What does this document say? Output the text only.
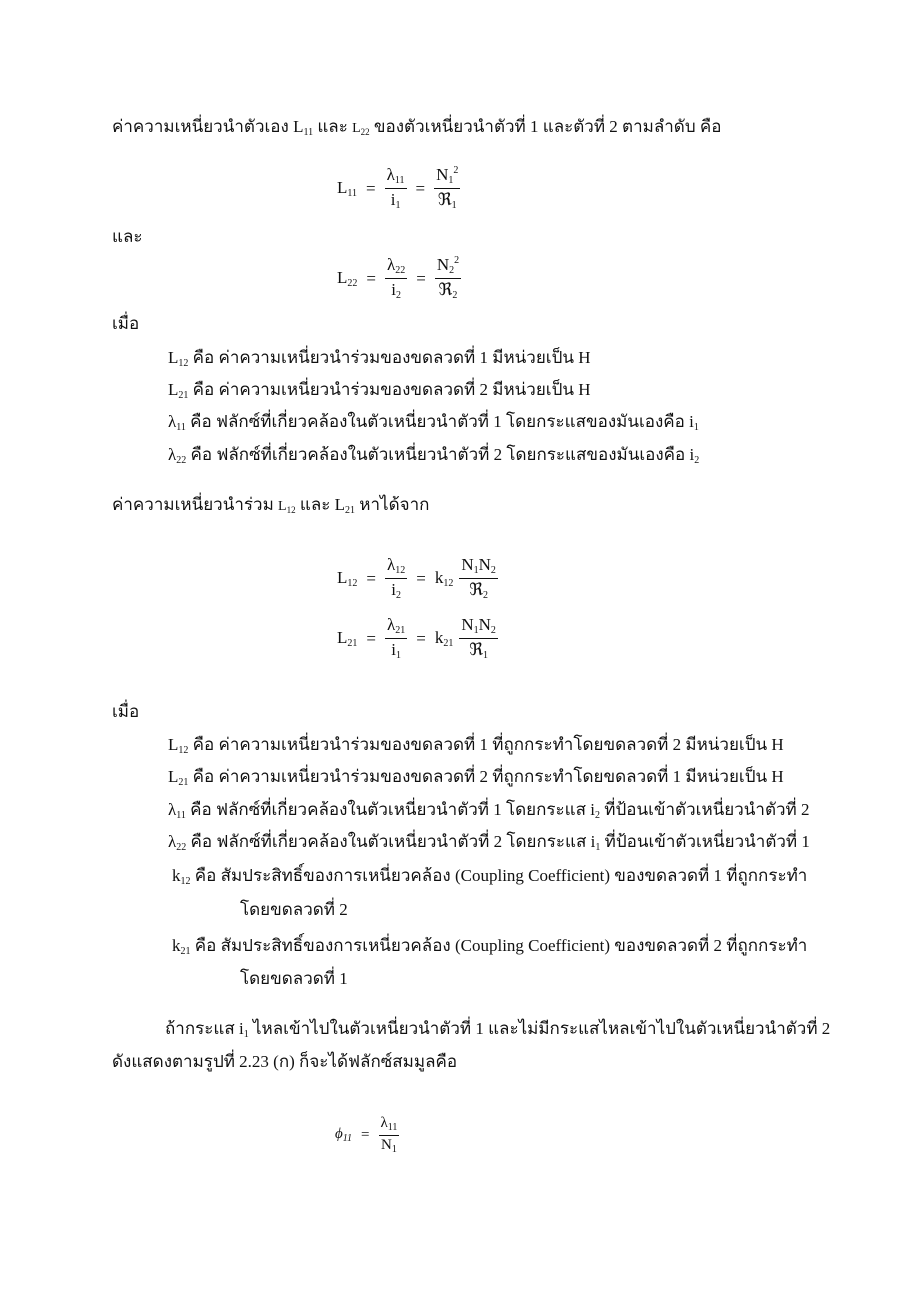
ค่าความเหนี่ยวนำตัวเอง $L_{11}$ และ $L_{22}$ ของตัวเหนี่ยวนำตัวที่ 1 และตัวที่ 2 ตามลำดับ คือ
$L_{11} = \frac{\lambda_{11}}{i_1} = \frac{N_1^2}{ℜ_1}$
และ
$L_{22} = \frac{\lambda_{22}}{i_2} = \frac{N_2^2}{ℜ_2}$
เมื่อ
$L_{12}$ คือ ค่าความเหนี่ยวนำร่วมของขดลวดที่ 1 มีหน่วยเป็น H
$L_{21}$ คือ ค่าความเหนี่ยวนำร่วมของขดลวดที่ 2 มีหน่วยเป็น H
$\lambda_{11}$ คือ ฟลักซ์ที่เกี่ยวคล้องในตัวเหนี่ยวนำตัวที่ 1 โดยกระแสของมันเองคือ $i_1$
$\lambda_{22}$ คือ ฟลักซ์ที่เกี่ยวคล้องในตัวเหนี่ยวนำตัวที่ 2 โดยกระแสของมันเองคือ $i_2$
ค่าความเหนี่ยวนำร่วม $L_{12}$ และ $L_{21}$ หาได้จาก
$L_{12} = \frac{\lambda_{12}}{i_2} = k_{12} \frac{N_1N_2}{ℜ_2}$
$L_{21} = \frac{\lambda_{21}}{i_1} = k_{21} \frac{N_1N_2}{ℜ_1}$
เมื่อ
$L_{12}$ คือ ค่าความเหนี่ยวนำร่วมของขดลวดที่ 1 ที่ถูกกระทำโดยขดลวดที่ 2 มีหน่วยเป็น H
$L_{21}$ คือ ค่าความเหนี่ยวนำร่วมของขดลวดที่ 2 ที่ถูกกระทำโดยขดลวดที่ 1 มีหน่วยเป็น H
$\lambda_{11}$ คือ ฟลักซ์ที่เกี่ยวคล้องในตัวเหนี่ยวนำตัวที่ 1 โดยกระแส $i_2$ ที่ป้อนเข้าตัวเหนี่ยวนำตัวที่ 2
$\lambda_{22}$ คือ ฟลักซ์ที่เกี่ยวคล้องในตัวเหนี่ยวนำตัวที่ 2 โดยกระแส $i_1$ ที่ป้อนเข้าตัวเหนี่ยวนำตัวที่ 1
$k_{12}$ คือ สัมประสิทธิ์ของการเหนี่ยวคล้อง (Coupling Coefficient) ของขดลวดที่ 1 ที่ถูกกระทำ
โดยขดลวดที่ 2
$k_{21}$ คือ สัมประสิทธิ์ของการเหนี่ยวคล้อง (Coupling Coefficient) ของขดลวดที่ 2 ที่ถูกกระทำ
โดยขดลวดที่ 1
ถ้ากระแส $i_1$ ไหลเข้าไปในตัวเหนี่ยวนำตัวที่ 1 และไม่มีกระแสไหลเข้าไปในตัวเหนี่ยวนำตัวที่ 2
ดังแสดงตามรูปที่ 2.23 (ก) ก็จะได้ฟลักซ์สมมูลคือ
$\phi_{11} = \frac{\lambda_{11}}{N_1}$
